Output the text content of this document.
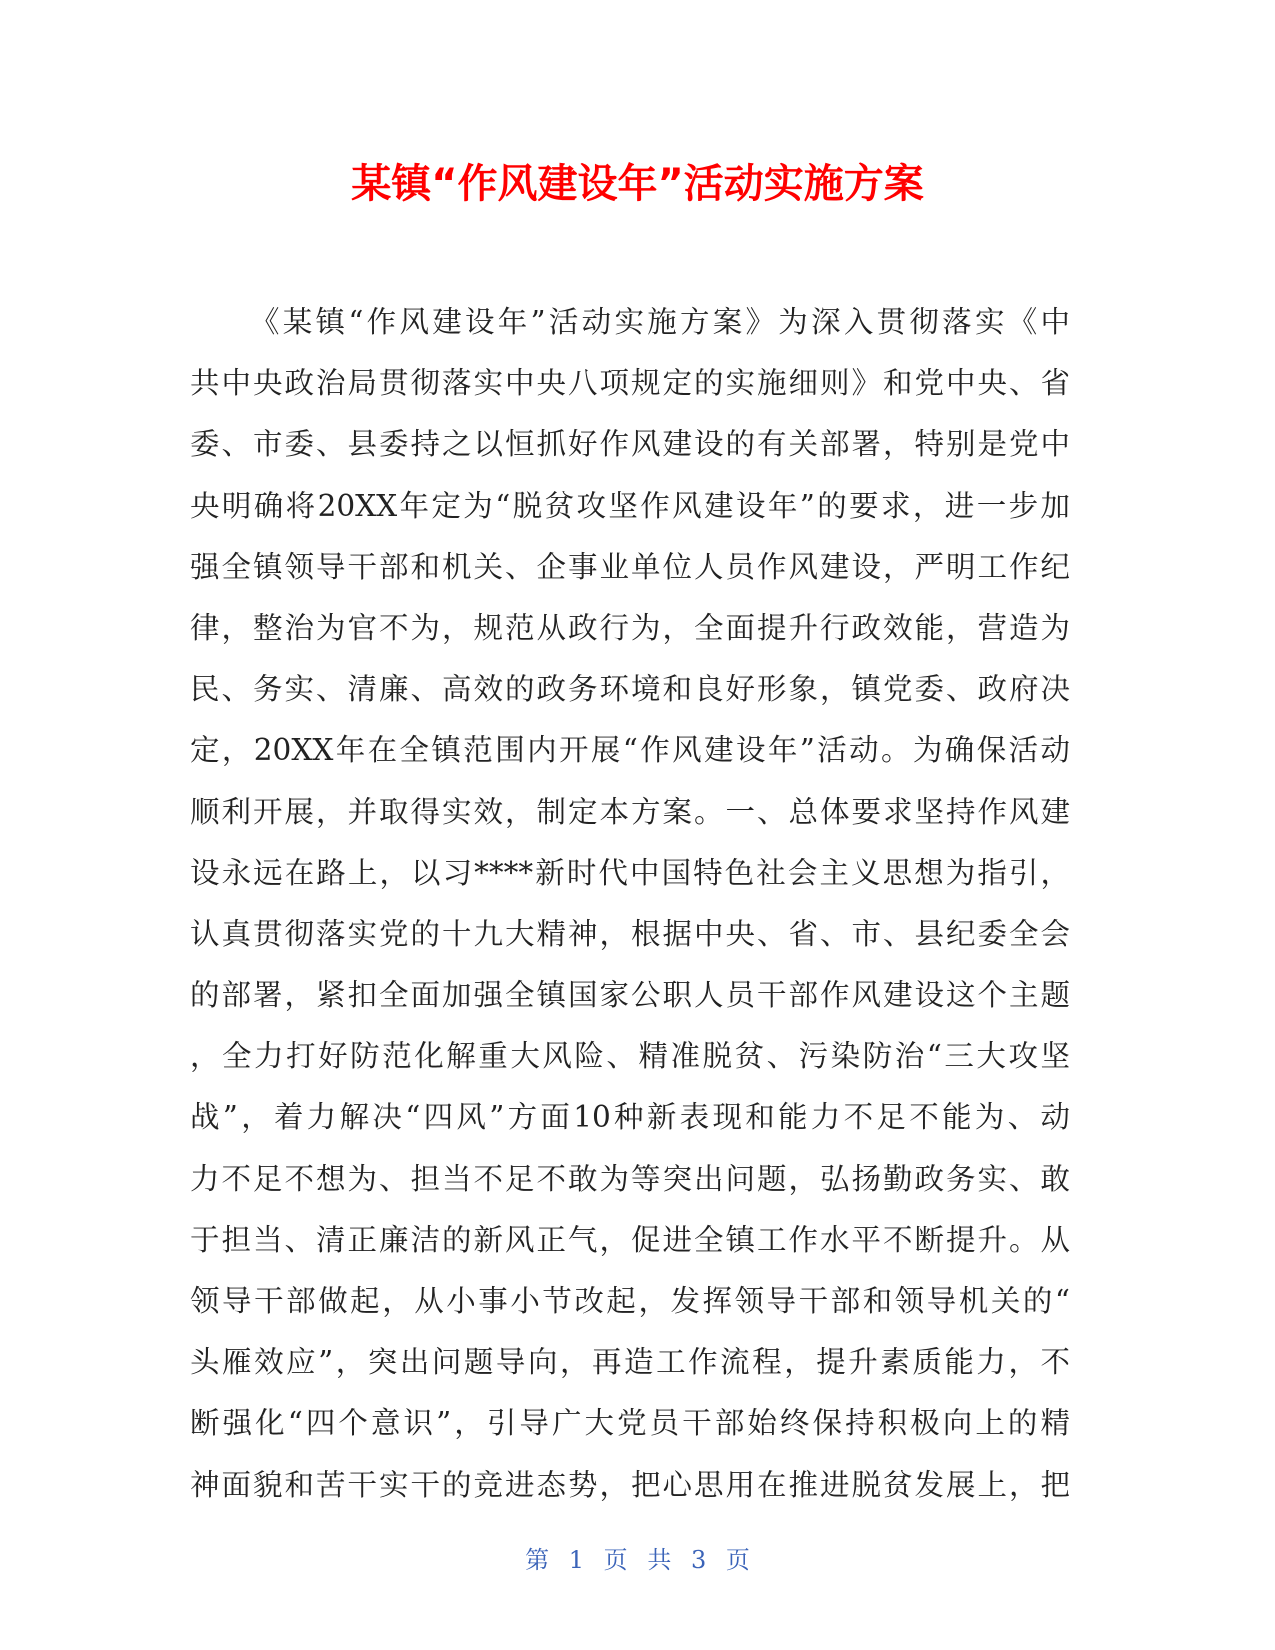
某镇“作风建设年”活动实施方案
《某镇“作风建设年”活动实施方案》为深入贯彻落实《中
共中央政治局贯彻落实中央八项规定的实施细则》和党中央、省
委、市委、县委持之以恒抓好作风建设的有关部署，特别是党中
央明确将20XX年定为“脱贫攻坚作风建设年”的要求，进一步加
强全镇领导干部和机关、企事业单位人员作风建设，严明工作纪
律，整治为官不为，规范从政行为，全面提升行政效能，营造为
民、务实、清廉、高效的政务环境和良好形象，镇党委、政府决
定，20XX年在全镇范围内开展“作风建设年”活动。为确保活动
顺利开展，并取得实效，制定本方案。一、总体要求坚持作风建
设永远在路上，以习****新时代中国特色社会主义思想为指引，
认真贯彻落实党的十九大精神，根据中央、省、市、县纪委全会
的部署，紧扣全面加强全镇国家公职人员干部作风建设这个主题
，全力打好防范化解重大风险、精准脱贫、污染防治“三大攻坚
战”，着力解决“四风”方面10种新表现和能力不足不能为、动
力不足不想为、担当不足不敢为等突出问题，弘扬勤政务实、敢
于担当、清正廉洁的新风正气，促进全镇工作水平不断提升。从
领导干部做起，从小事小节改起，发挥领导干部和领导机关的“
头雁效应”，突出问题导向，再造工作流程，提升素质能力，不
断强化“四个意识”，引导广大党员干部始终保持积极向上的精
神面貌和苦干实干的竞进态势，把心思用在推进脱贫发展上，把
第 1 页 共 3 页
